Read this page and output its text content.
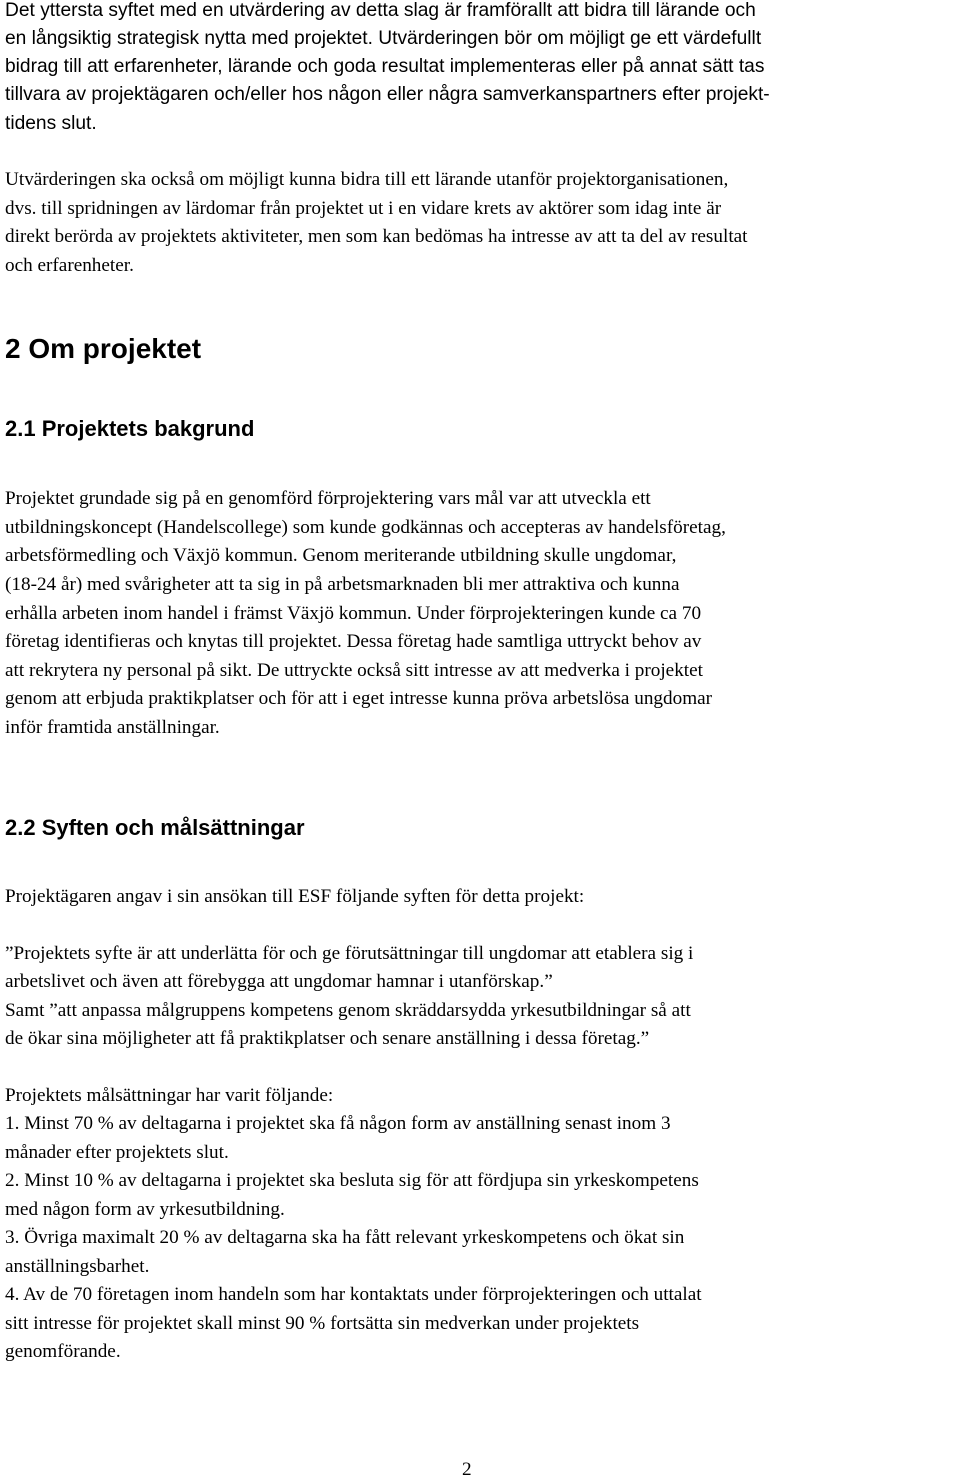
Det yttersta syftet med en utvärdering av detta slag är framförallt att bidra till lärande och
en långsiktig strategisk nytta med projektet. Utvärderingen bör om möjligt ge ett värdefullt
bidrag till att erfarenheter, lärande och goda resultat implementeras eller på annat sätt tas
tillvara av projektägaren och/eller hos någon eller några samverkanspartners efter projekt-
tidens slut.
Utvärderingen ska också om möjligt kunna bidra till ett lärande utanför projektorganisationen,
dvs. till spridningen av lärdomar från projektet ut i en vidare krets av aktörer som idag inte är
direkt berörda av projektets aktiviteter, men som kan bedömas ha intresse av att ta del av resultat
och erfarenheter.
2 Om projektet
2.1 Projektets bakgrund
Projektet grundade sig på en genomförd förprojektering vars mål var att utveckla ett
utbildningskoncept (Handelscollege) som kunde godkännas och accepteras av handelsföretag,
arbetsförmedling och Växjö kommun. Genom meriterande utbildning skulle ungdomar,
(18-24 år) med svårigheter att ta sig in på arbetsmarknaden bli mer attraktiva och kunna
erhålla arbeten inom handel i främst Växjö kommun. Under förprojekteringen kunde ca 70
företag identifieras och knytas till projektet. Dessa företag hade samtliga uttryckt behov av
att rekrytera ny personal på sikt. De uttryckte också sitt intresse av att medverka i projektet
genom att erbjuda praktikplatser och för att i eget intresse kunna pröva arbetslösa ungdomar
inför framtida anställningar.
2.2 Syften och målsättningar
Projektägaren angav i sin ansökan till ESF följande syften för detta projekt:
”Projektets syfte är att underlätta för och ge förutsättningar till ungdomar att etablera sig i
arbetslivet och även att förebygga att ungdomar hamnar i utanförskap.”
Samt ”att anpassa målgruppens kompetens genom skräddarsydda yrkesutbildningar så att
de ökar sina möjligheter att få praktikplatser och senare anställning i dessa företag.”
Projektets målsättningar har varit följande:
1. Minst 70 % av deltagarna i projektet ska få någon form av anställning senast inom 3
månader efter projektets slut.
2. Minst 10 % av deltagarna i projektet ska besluta sig för att fördjupa sin yrkeskompetens
med någon form av yrkesutbildning.
3. Övriga maximalt 20 % av deltagarna ska ha fått relevant yrkeskompetens och ökat sin
anställningsbarhet.
4. Av de 70 företagen inom handeln som har kontaktats under förprojekteringen och uttalat
sitt intresse för projektet skall minst 90 % fortsätta sin medverkan under projektets
genomförande.
2
